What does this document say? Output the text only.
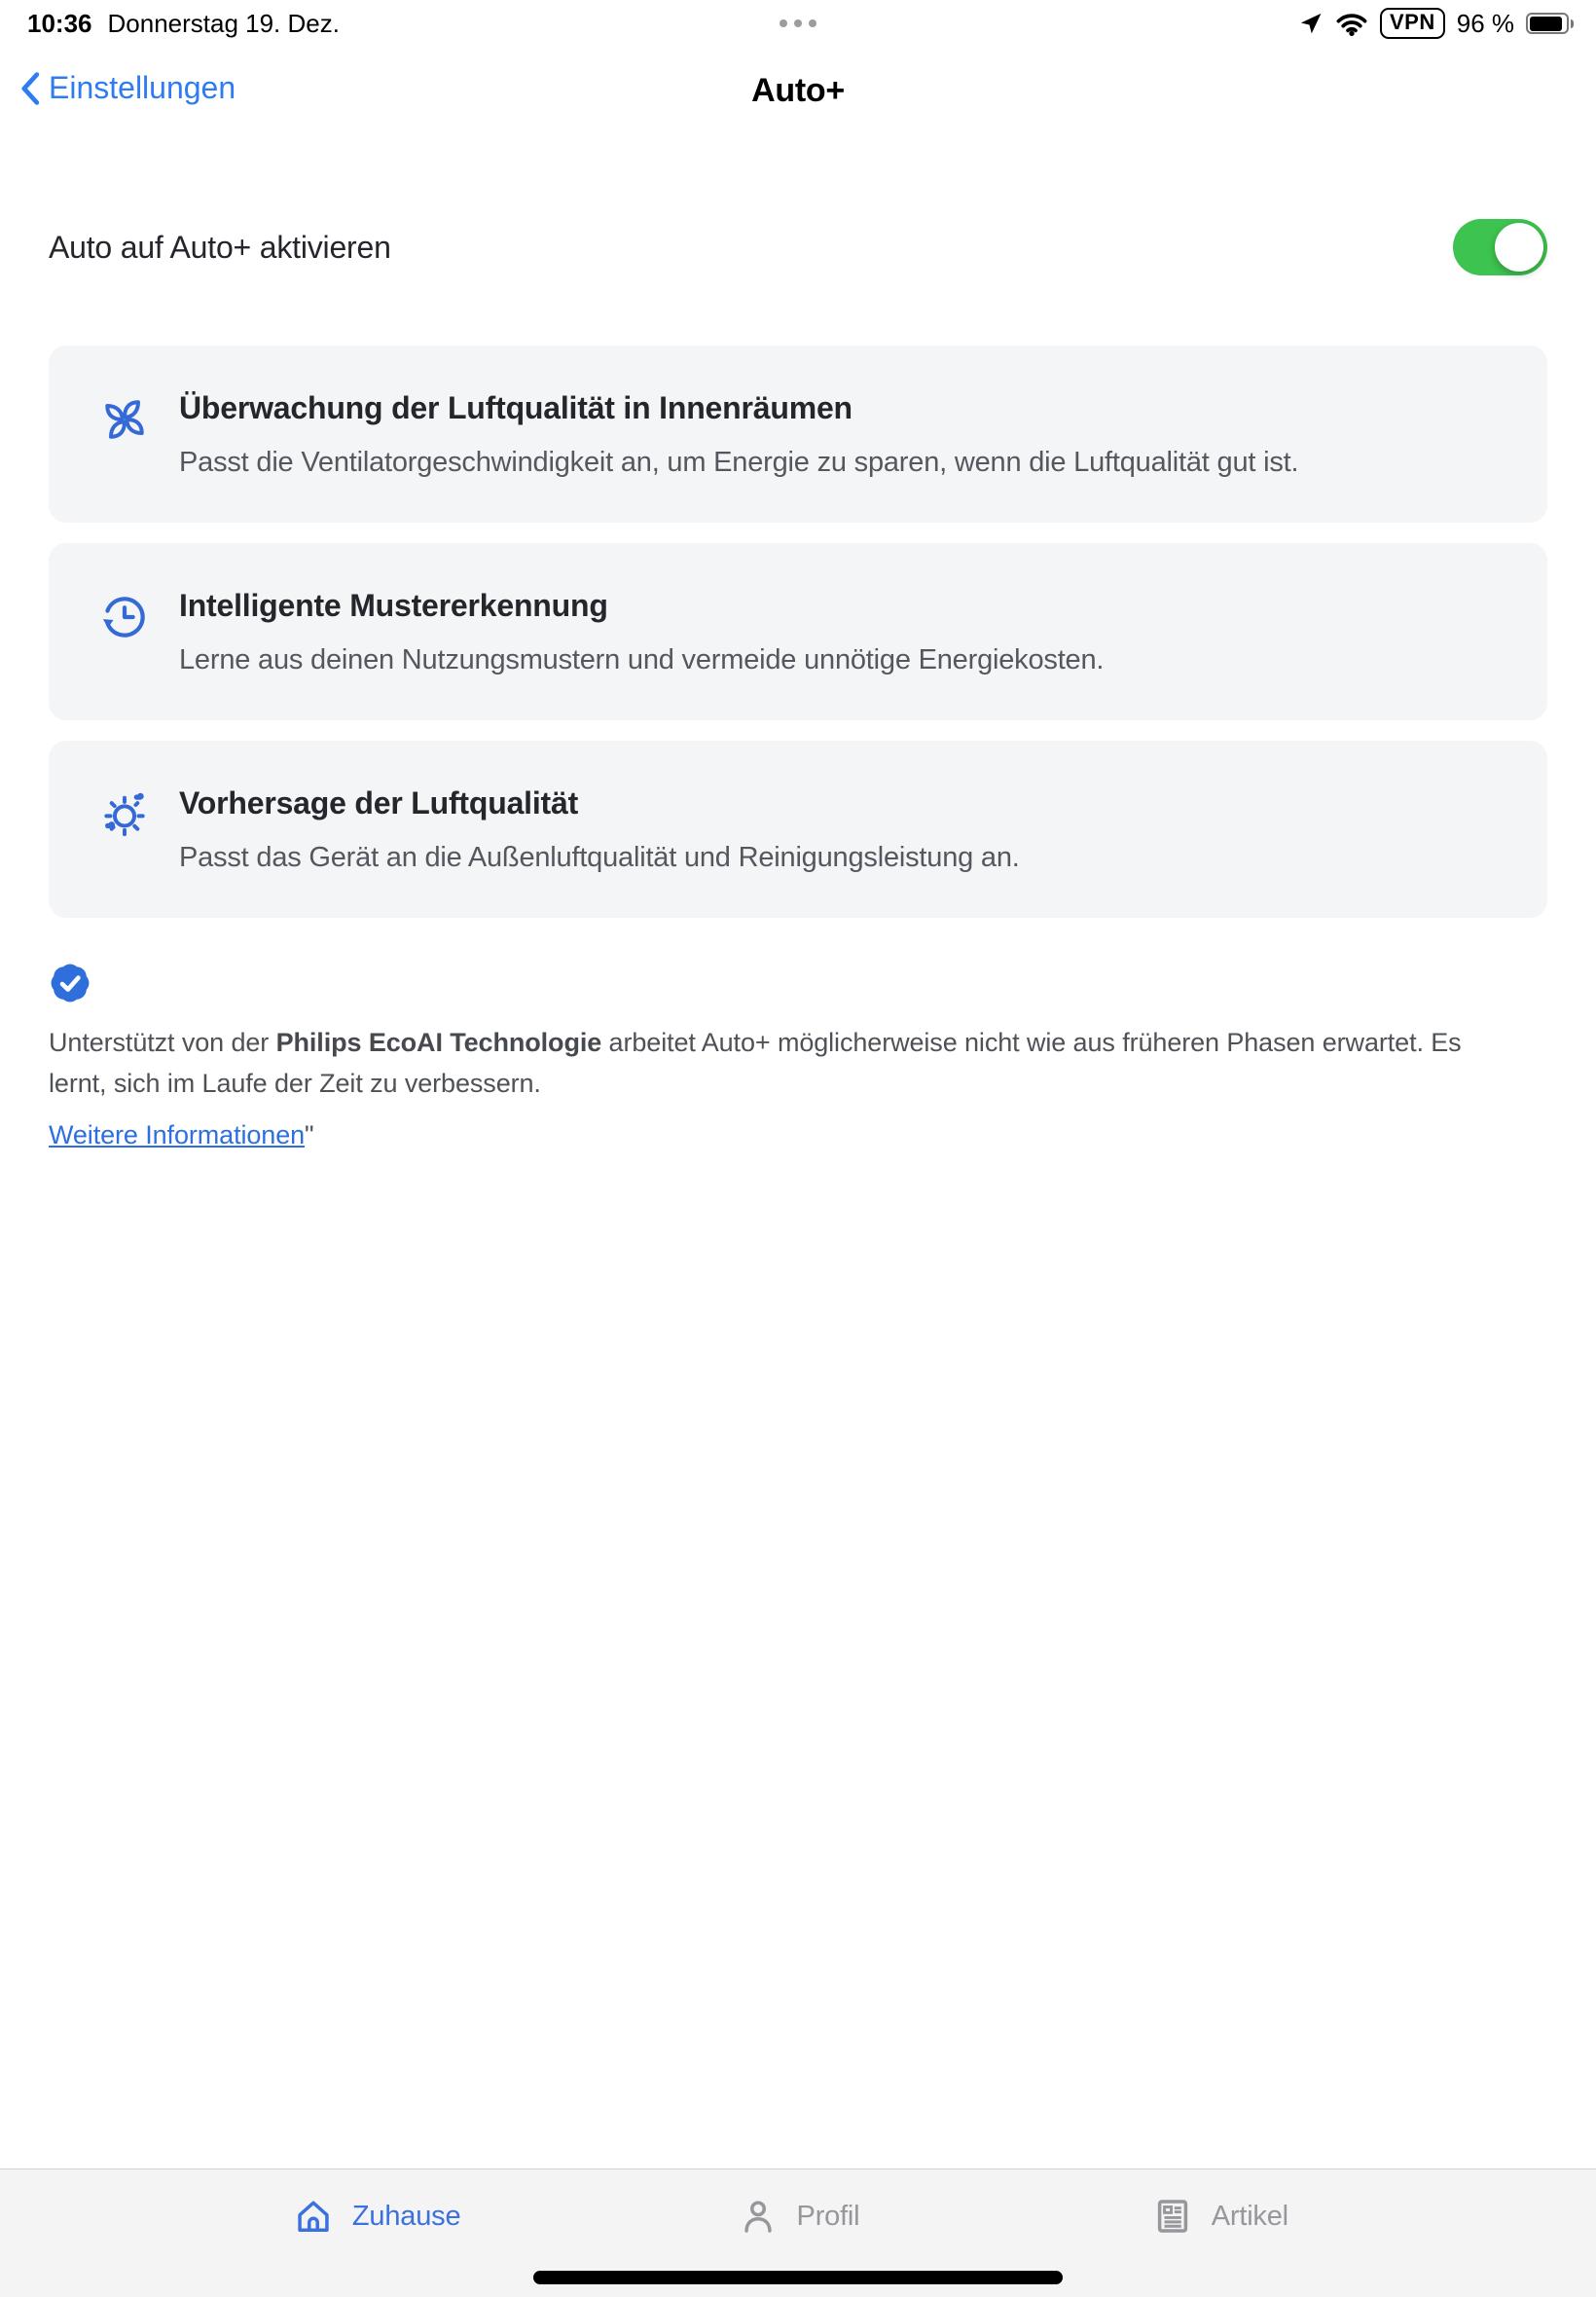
10:36 Donnerstag 19. Dez.	VPN 96 %
Einstellungen	Auto+
Auto auf Auto+ aktivieren
Überwachung der Luftqualität in Innenräumen

Passt die Ventilatorgeschwindigkeit an, um Energie zu sparen, wenn die Luftqualität gut ist.

Intelligente Mustererkennung

Lerne aus deinen Nutzungsmustern und vermeide unnötige Energiekosten.

Vorhersage der Luftqualität

Passt das Gerät an die Außenluftqualität und Reinigungsleistung an.

Unterstützt von der Philips EcoAI Technologie arbeitet Auto+ möglicherweise nicht wie aus früheren Phasen erwartet. Es lernt, sich im Laufe der Zeit zu verbessern.
Weitere Informationen"
Zuhause	Profil	Artikel
